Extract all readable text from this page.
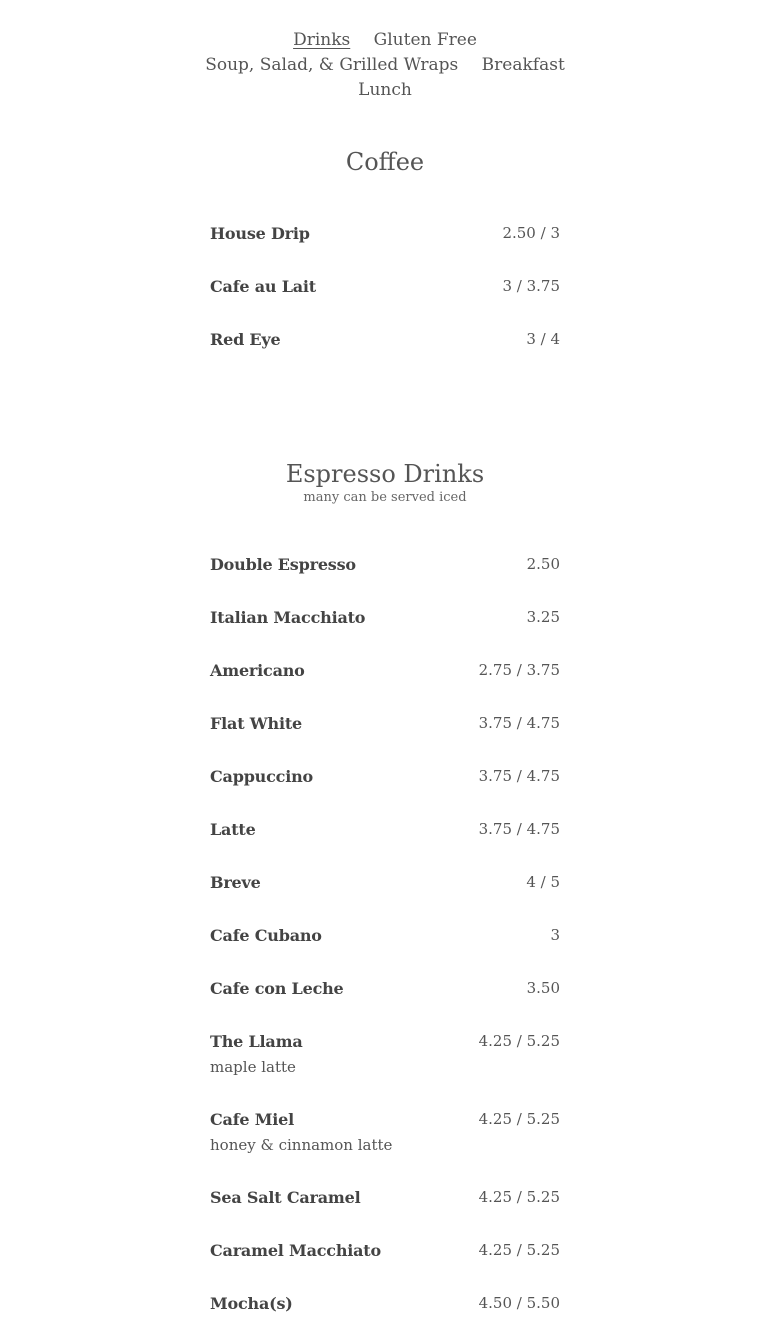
Drinks Gluten Free
Soup, Salad, & Grilled Wraps Breakfast
Lunch
Coffee
House Drip	2.50 / 3
Cafe au Lait	3 / 3.75
Red Eye	3 / 4
Espresso Drinks
many can be served iced
Double Espresso	2.50
Italian Macchiato	3.25
Americano	2.75 / 3.75
Flat White	3.75 / 4.75
Cappuccino	3.75 / 4.75
Latte	3.75 / 4.75
Breve	4 / 5
Cafe Cubano	3
Cafe con Leche	3.50
The Llama	4.25 / 5.25
maple latte
Cafe Miel	4.25 / 5.25
honey & cinnamon latte
Sea Salt Caramel	4.25 / 5.25
Caramel Macchiato	4.25 / 5.25
Mocha(s)	4.50 / 5.50
